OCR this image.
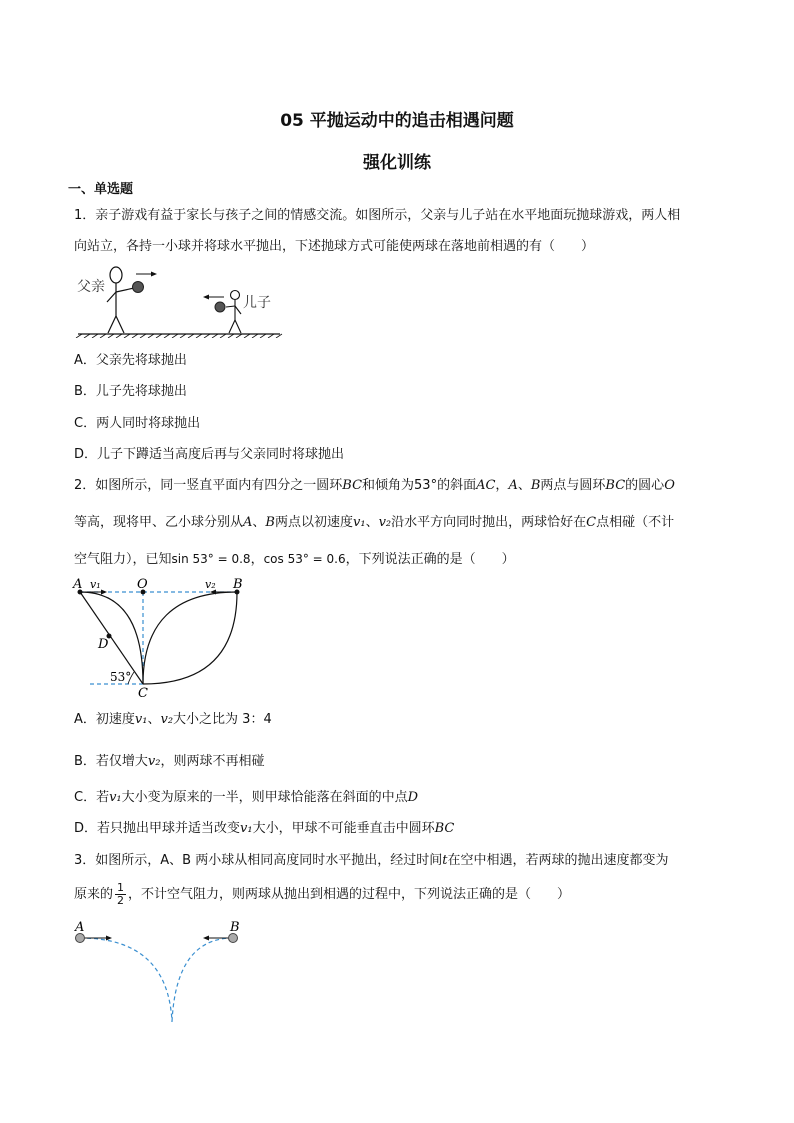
05 平抛运动中的追击相遇问题
强化训练
一、单选题
1．亲子游戏有益于家长与孩子之间的情感交流。如图所示，父亲与儿子站在水平地面玩抛球游戏，两人相
向站立，各持一小球并将球水平抛出，下述抛球方式可能使两球在落地前相遇的有（　　）
父亲
儿子
A．父亲先将球抛出
B．儿子先将球抛出
C．两人同时将球抛出
D．儿子下蹲适当高度后再与父亲同时将球抛出
2．如图所示，同一竖直平面内有四分之一圆环BC和倾角为53°的斜面AC，A、B两点与圆环BC的圆心O
等高，现将甲、乙小球分别从A、B两点以初速度v₁、v₂沿水平方向同时抛出，两球恰好在C点相碰（不计
空气阻力），已知sin 53° = 0.8，cos 53° = 0.6，下列说法正确的是（　　）
A v₁	O	v₂ B
D
53°
C
A．初速度v₁、v₂大小之比为 3：4
B．若仅增大v₂，则两球不再相碰
C．若v₁大小变为原来的一半，则甲球恰能落在斜面的中点D
D．若只抛出甲球并适当改变v₁大小，甲球不可能垂直击中圆环BC
3．如图所示，A、B 两小球从相同高度同时水平抛出，经过时间t在空中相遇，若两球的抛出速度都变为
原来的 $\frac{1}{2}$ ，不计空气阻力，则两球从抛出到相遇的过程中，下列说法正确的是（　　）
A	B
